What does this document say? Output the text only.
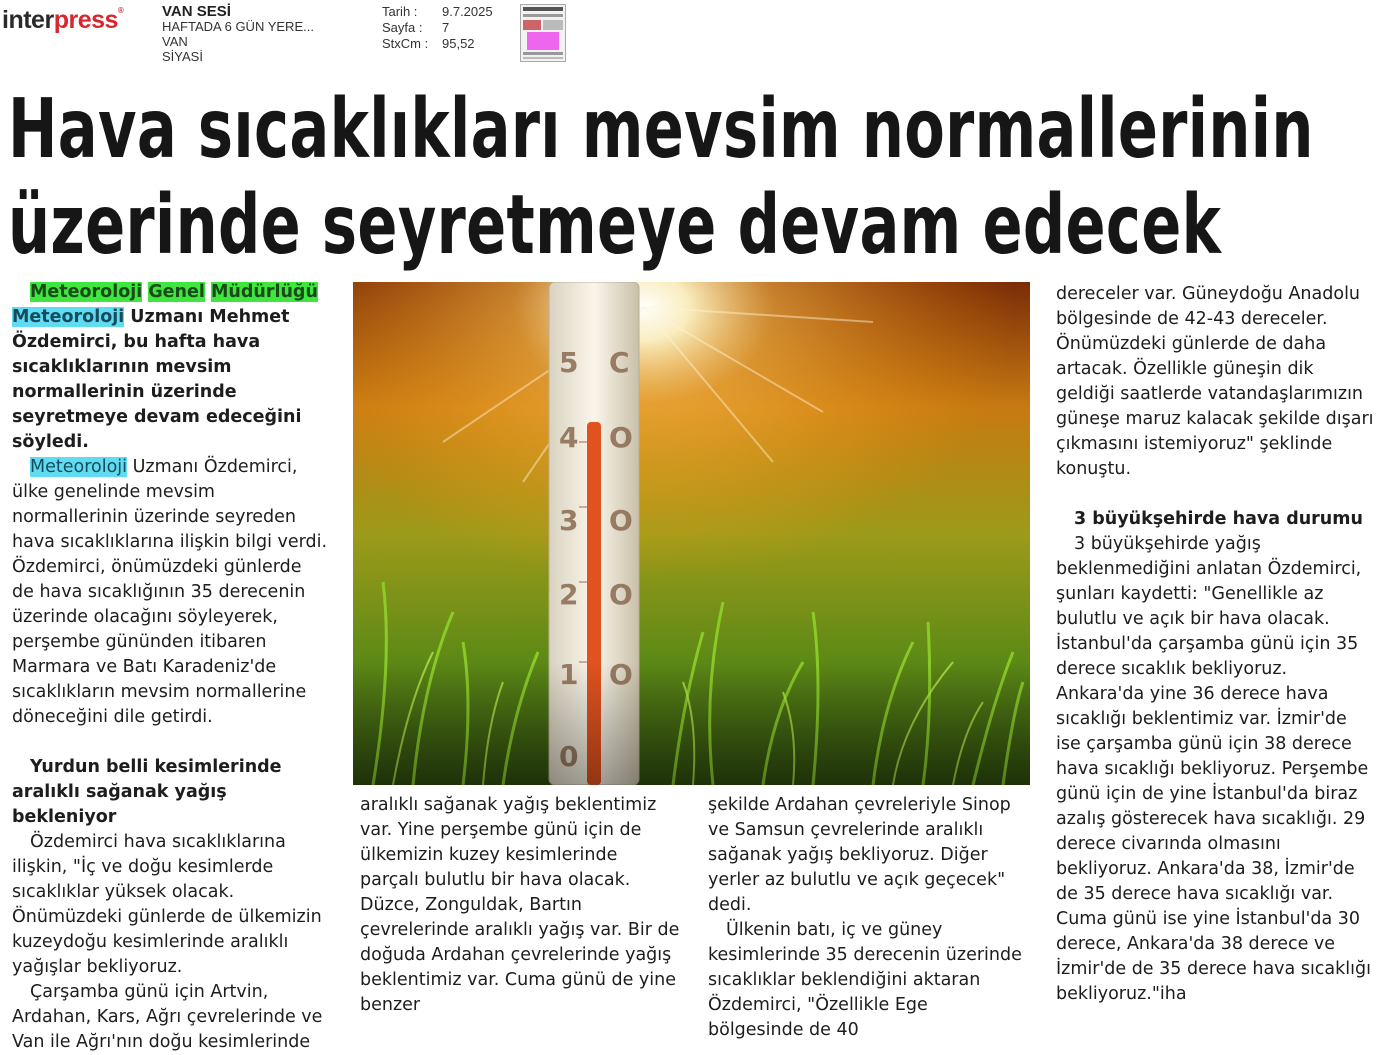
interpress®	VAN SESİ
HAFTADA 6 GÜN YERE...
VAN
SİYASİ
Tarih :	9.7.2025
Sayfa :	7
StxCm :	95,52
Hava sıcaklıkları mevsim normallerinin
üzerinde seyretmeye devam edecek

Meteoroloji Genel Müdürlüğü Meteoroloji Uzmanı Mehmet Özdemirci, bu hafta hava sıcaklıklarının mevsim normallerinin üzerinde seyretmeye devam edeceğini söyledi.

Meteoroloji Uzmanı Özdemirci, ülke genelinde mevsim normallerinin üzerinde seyreden hava sıcaklıklarına ilişkin bilgi verdi. Özdemirci, önümüzdeki günlerde de hava sıcaklığının 35 derecenin üzerinde olacağını söyleyerek, perşembe gününden itibaren Marmara ve Batı Karadeniz'de sıcaklıkların mevsim normallerine döneceğini dile getirdi.

Yurdun belli kesimlerinde aralıklı sağanak yağış bekleniyor

Özdemirci hava sıcaklıklarına ilişkin, "İç ve doğu kesimlerde sıcaklıklar yüksek olacak. Önümüzdeki günlerde de ülkemizin kuzeydoğu kesimlerinde aralıklı yağışlar bekliyoruz.

Çarşamba günü için Artvin, Ardahan, Kars, Ağrı çevrelerinde ve Van ile Ağrı'nın doğu kesimlerinde

5
4
3
2
C
O
O
O

aralıklı sağanak yağış beklentimiz var. Yine perşembe günü için de ülkemizin kuzey kesimlerinde parçalı bulutlu bir hava olacak. Düzce, Zonguldak, Bartın çevrelerinde aralıklı yağış var. Bir de doğuda Ardahan çevrelerinde yağış beklentimiz var. Cuma günü de yine benzer

şekilde Ardahan çevreleriyle Sinop ve Samsun çevrelerinde aralıklı sağanak yağış bekliyoruz. Diğer yerler az bulutlu ve açık geçecek" dedi.

Ülkenin batı, iç ve güney kesimlerinde 35 derecenin üzerinde sıcaklıklar beklendiğini aktaran Özdemirci, "Özellikle Ege bölgesinde de 40

dereceler var. Güneydoğu Anadolu bölgesinde de 42-43 dereceler. Önümüzdeki günlerde de daha artacak. Özellikle güneşin dik geldiği saatlerde vatandaşlarımızın güneşe maruz kalacak şekilde dışarı çıkmasını istemiyoruz" şeklinde konuştu.

3 büyükşehirde hava durumu

3 büyükşehirde yağış beklenmediğini anlatan Özdemirci, şunları kaydetti: "Genellikle az bulutlu ve açık bir hava olacak. İstanbul'da çarşamba günü için 35 derece sıcaklık bekliyoruz. Ankara'da yine 36 derece hava sıcaklığı beklentimiz var. İzmir'de ise çarşamba günü için 38 derece hava sıcaklığı bekliyoruz. Perşembe günü için de yine İstanbul'da biraz azalış gösterecek hava sıcaklığı. 29 derece civarında olmasını bekliyoruz. Ankara'da 38, İzmir'de de 35 derece hava sıcaklığı var. Cuma günü ise yine İstanbul'da 30 derece, Ankara'da 38 derece ve İzmir'de de 35 derece hava sıcaklığı bekliyoruz."iha
